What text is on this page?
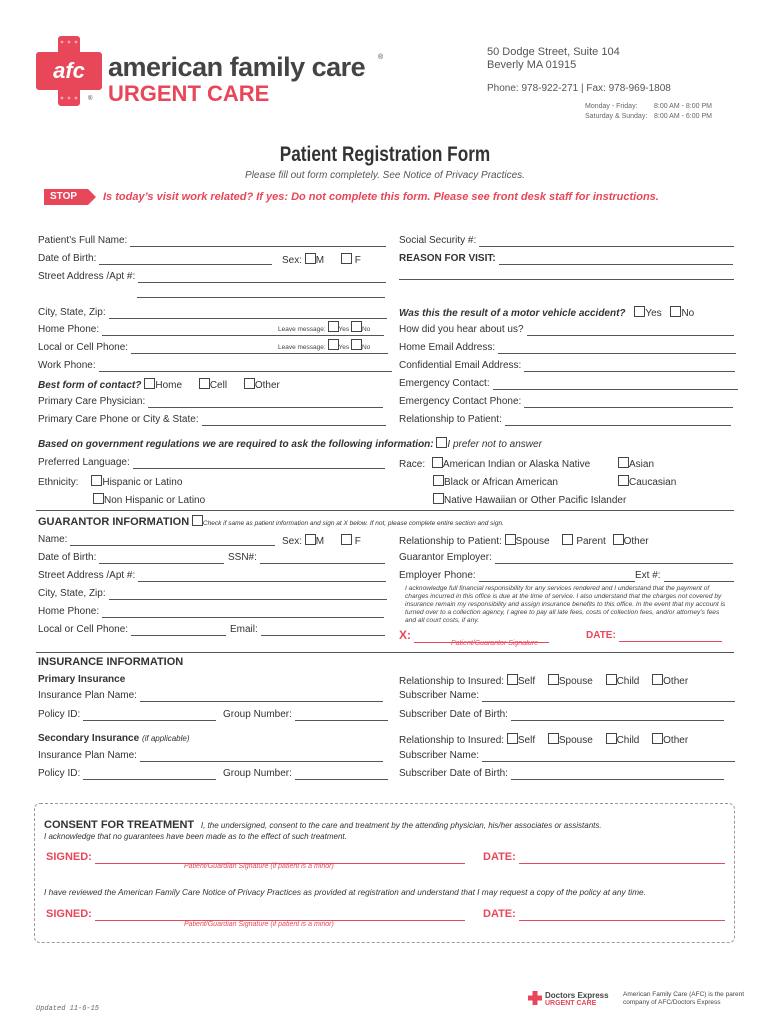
afc american family care ®
URGENT CARE
®
50 Dodge Street, Suite 104
Beverly MA 01915
Phone: 978-922-271 | Fax: 978-969-1808
Monday - Friday: 8:00 AM - 8:00 PM
Saturday & Sunday: 8:00 AM - 6:00 PM
Patient Registration Form
Please fill out form completely. See Notice of Privacy Practices.
STOP Is today’s visit work related? If yes: Do not complete this form. Please see front desk staff for instructions.
Patient’s Full Name:
Date of Birth:	Sex: M	F
Street Address /Apt #:
City, State, Zip:
Home Phone:	Leave message: Yes No
Local or Cell Phone:	Leave message: Yes No
Work Phone:
Best form of contact? Home	Cell	Other
Primary Care Physician:
Primary Care Phone or City & State:
Social Security #:
REASON FOR VISIT:
Was this the result of a motor vehicle accident? Yes No
How did you hear about us?
Home Email Address:
Confidential Email Address:
Emergency Contact:
Emergency Contact Phone:
Relationship to Patient:
Based on government regulations we are required to ask the following information: I prefer not to answer
Preferred Language:
Ethnicity: Hispanic or Latino
Non Hispanic or Latino
Race: American Indian or Alaska Native	Asian
Black or African American	Caucasian
Native Hawaiian or Other Pacific Islander
GUARANTOR INFORMATION Check if same as patient information and sign at X below. If not, please complete entire section and sign.
Name:	Sex: M	F
Date of Birth:	SSN#:
Street Address /Apt #:
City, State, Zip:
Home Phone:
Local or Cell Phone:	Email:
Relationship to Patient: Spouse	Parent Other
Guarantor Employer:
Employer Phone:	Ext #:
I acknowledge full financial responsibility for any services rendered and I understand that the payment of charges incurred in this office is due at the time of service. I also understand that the charges not covered by insurance remain my responsibility and assign insurance benefits to this office. In the event that my account is turned over to a collection agency, I agree to pay all late fees, costs of collection fees, and/or attorney’s fees and all court costs, if any.
X:	DATE:
Patient/Guarantor Signature
INSURANCE INFORMATION
Primary Insurance
Insurance Plan Name:
Policy ID:	Group Number:
Relationship to Insured: Self Spouse Child Other
Subscriber Name:
Subscriber Date of Birth:
Secondary Insurance (if applicable)
Insurance Plan Name:
Policy ID:	Group Number:
Relationship to Insured: Self Spouse Child Other
Subscriber Name:
Subscriber Date of Birth:
CONSENT FOR TREATMENT I, the undersigned, consent to the care and treatment by the attending physician, his/her associates or assistants.
I acknowledge that no guarantees have been made as to the effect of such treatment.
SIGNED:	DATE:
Patient/Guardian Signature (if patient is a minor)
I have reviewed the American Family Care Notice of Privacy Practices as provided at registration and understand that I may request a copy of the policy at any time.
SIGNED:	DATE:
Patient/Guardian Signature (if patient is a minor)
Updated 11-6-15
Doctors Express
URGENT CARE
American Family Care (AFC) is the parent
company of AFC/Doctors Express
